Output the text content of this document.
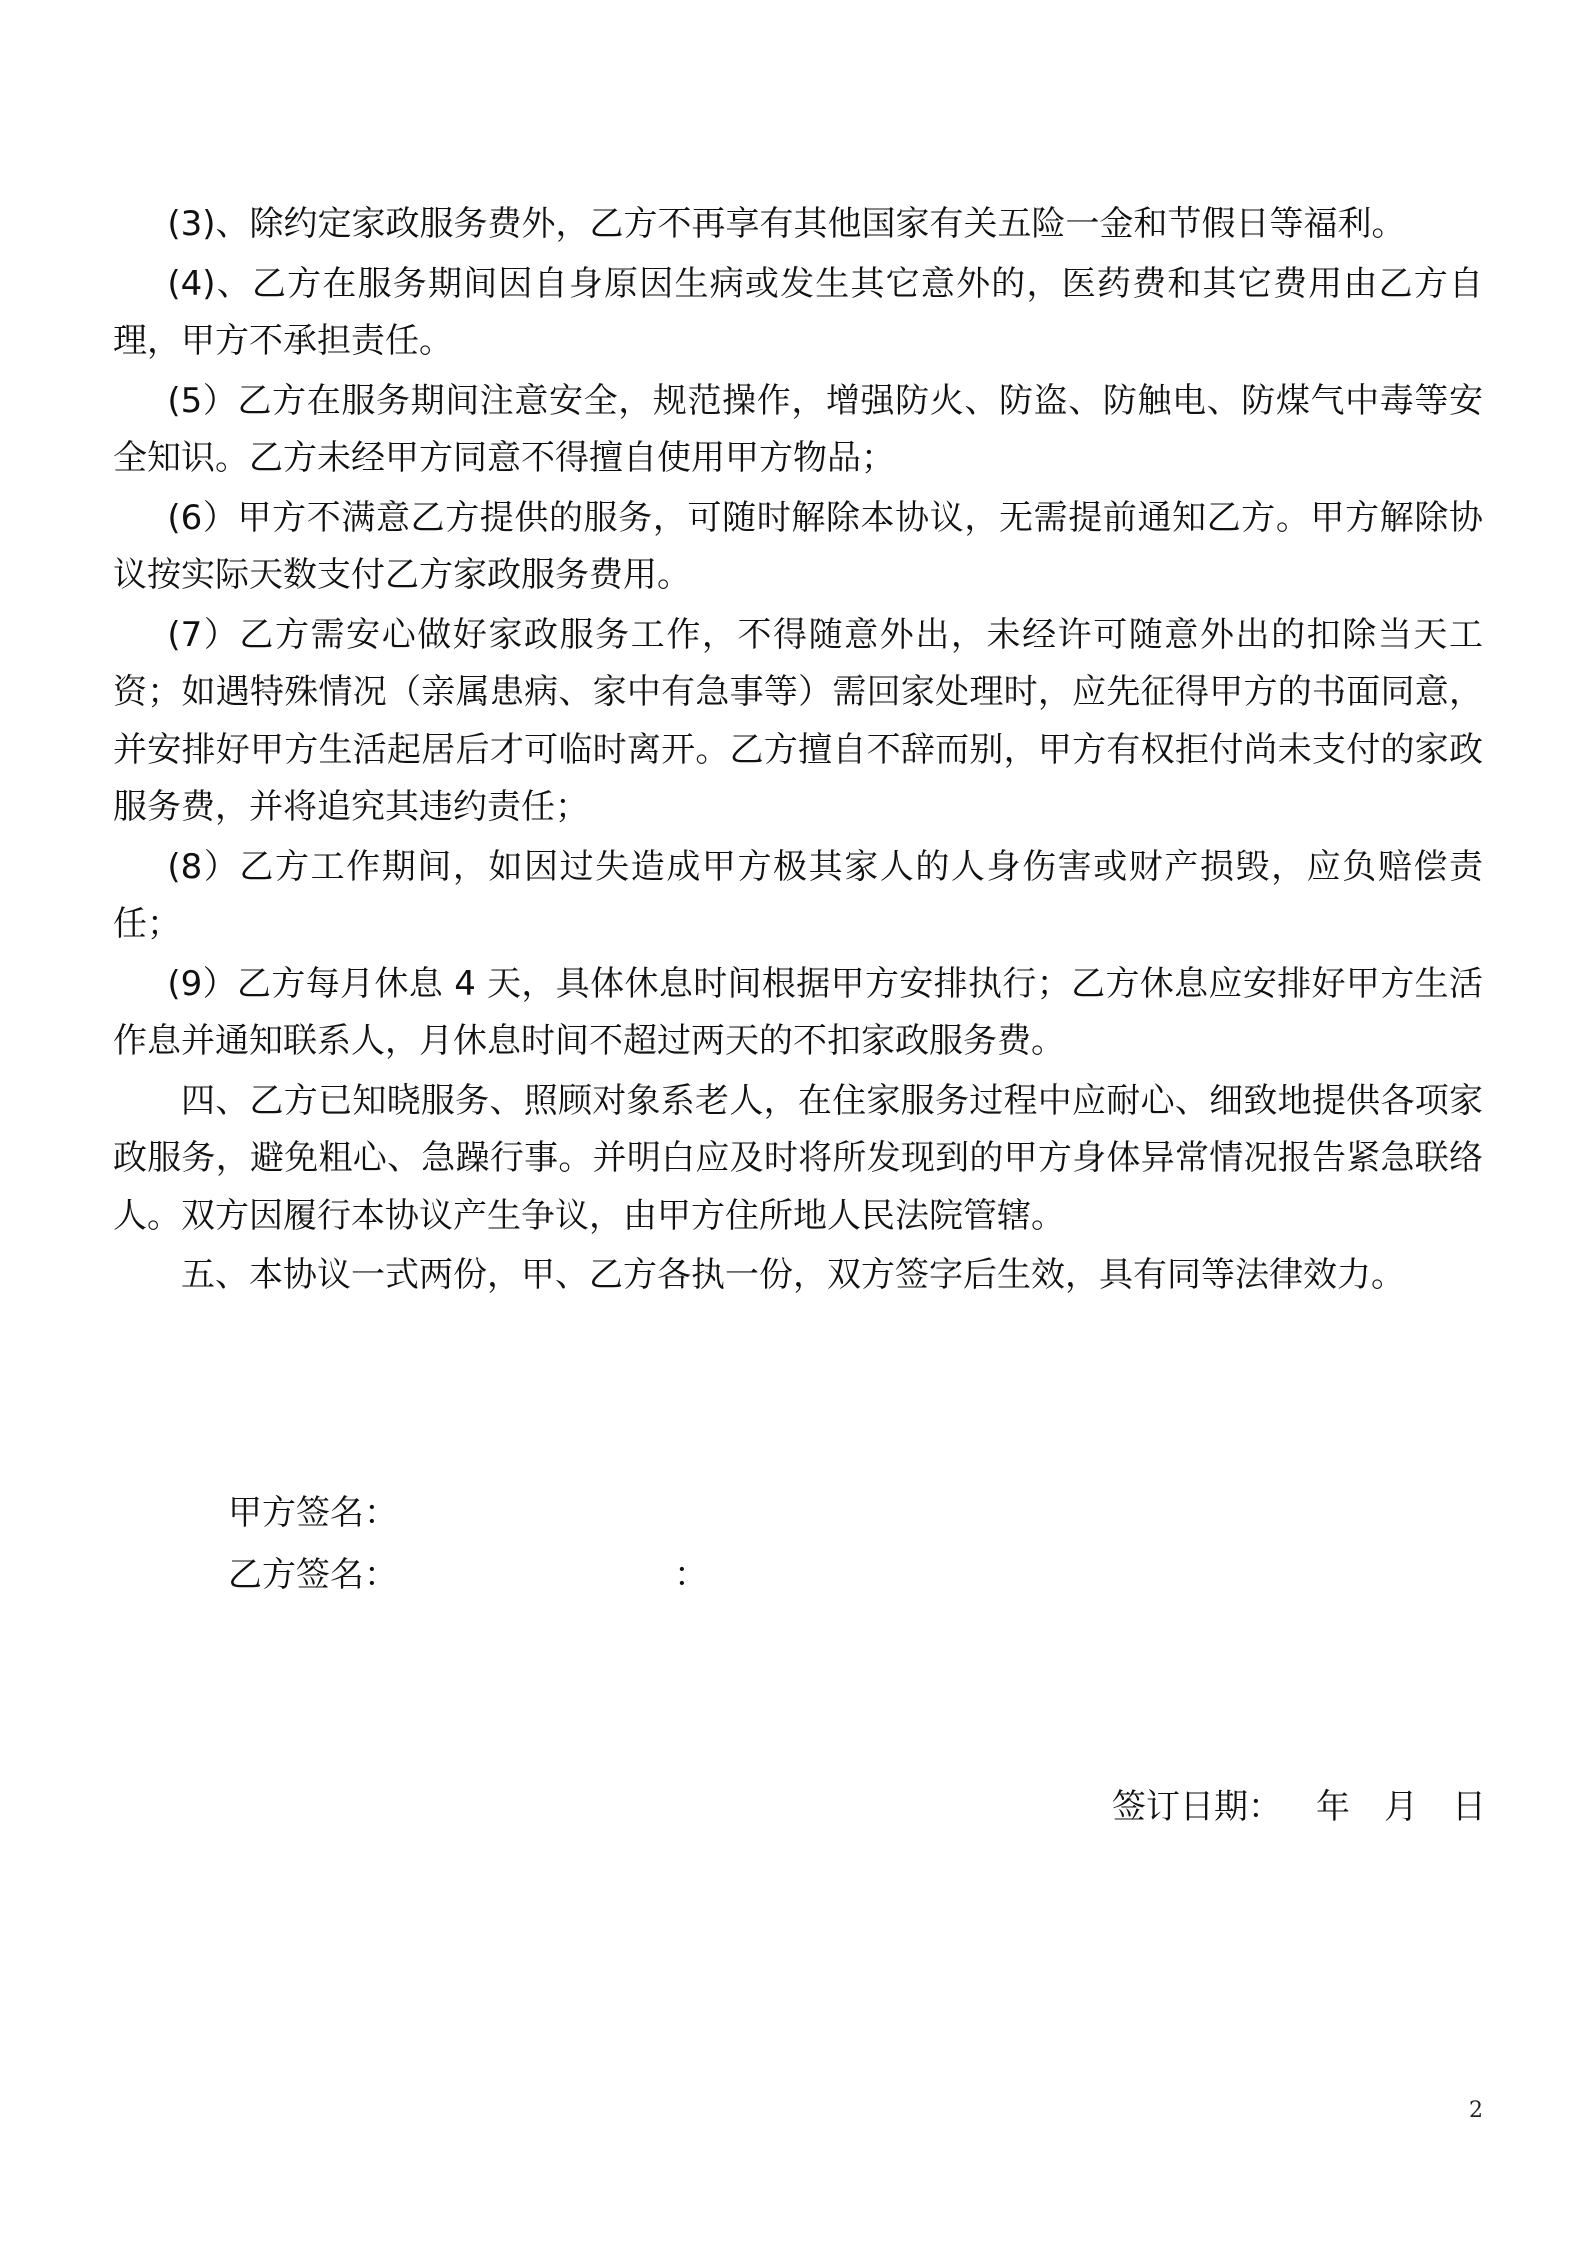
(3)、除约定家政服务费外，乙方不再享有其他国家有关五险一金和节假日等福利。

(4)、乙方在服务期间因自身原因生病或发生其它意外的，医药费和其它费用由乙方自理，甲方不承担责任。

(5）乙方在服务期间注意安全，规范操作，增强防火、防盗、防触电、防煤气中毒等安全知识。乙方未经甲方同意不得擅自使用甲方物品；

(6）甲方不满意乙方提供的服务，可随时解除本协议，无需提前通知乙方。甲方解除协议按实际天数支付乙方家政服务费用。

(7）乙方需安心做好家政服务工作，不得随意外出，未经许可随意外出的扣除当天工资；如遇特殊情况（亲属患病、家中有急事等）需回家处理时，应先征得甲方的书面同意，并安排好甲方生活起居后才可临时离开。乙方擅自不辞而别，甲方有权拒付尚未支付的家政服务费，并将追究其违约责任；

(8）乙方工作期间，如因过失造成甲方极其家人的人身伤害或财产损毁，应负赔偿责任；

(9）乙方每月休息 4 天，具体休息时间根据甲方安排执行；乙方休息应安排好甲方生活作息并通知联系人，月休息时间不超过两天的不扣家政服务费。

四、乙方已知晓服务、照顾对象系老人，在住家服务过程中应耐心、细致地提供各项家政服务，避免粗心、急躁行事。并明白应及时将所发现到的甲方身体异常情况报告紧急联络人。双方因履行本协议产生争议，由甲方住所地人民法院管辖。

五、本协议一式两份，甲、乙方各执一份，双方签字后生效，具有同等法律效力。

甲方签名：
乙方签名：	：
签订日期： 年 月 日
2
